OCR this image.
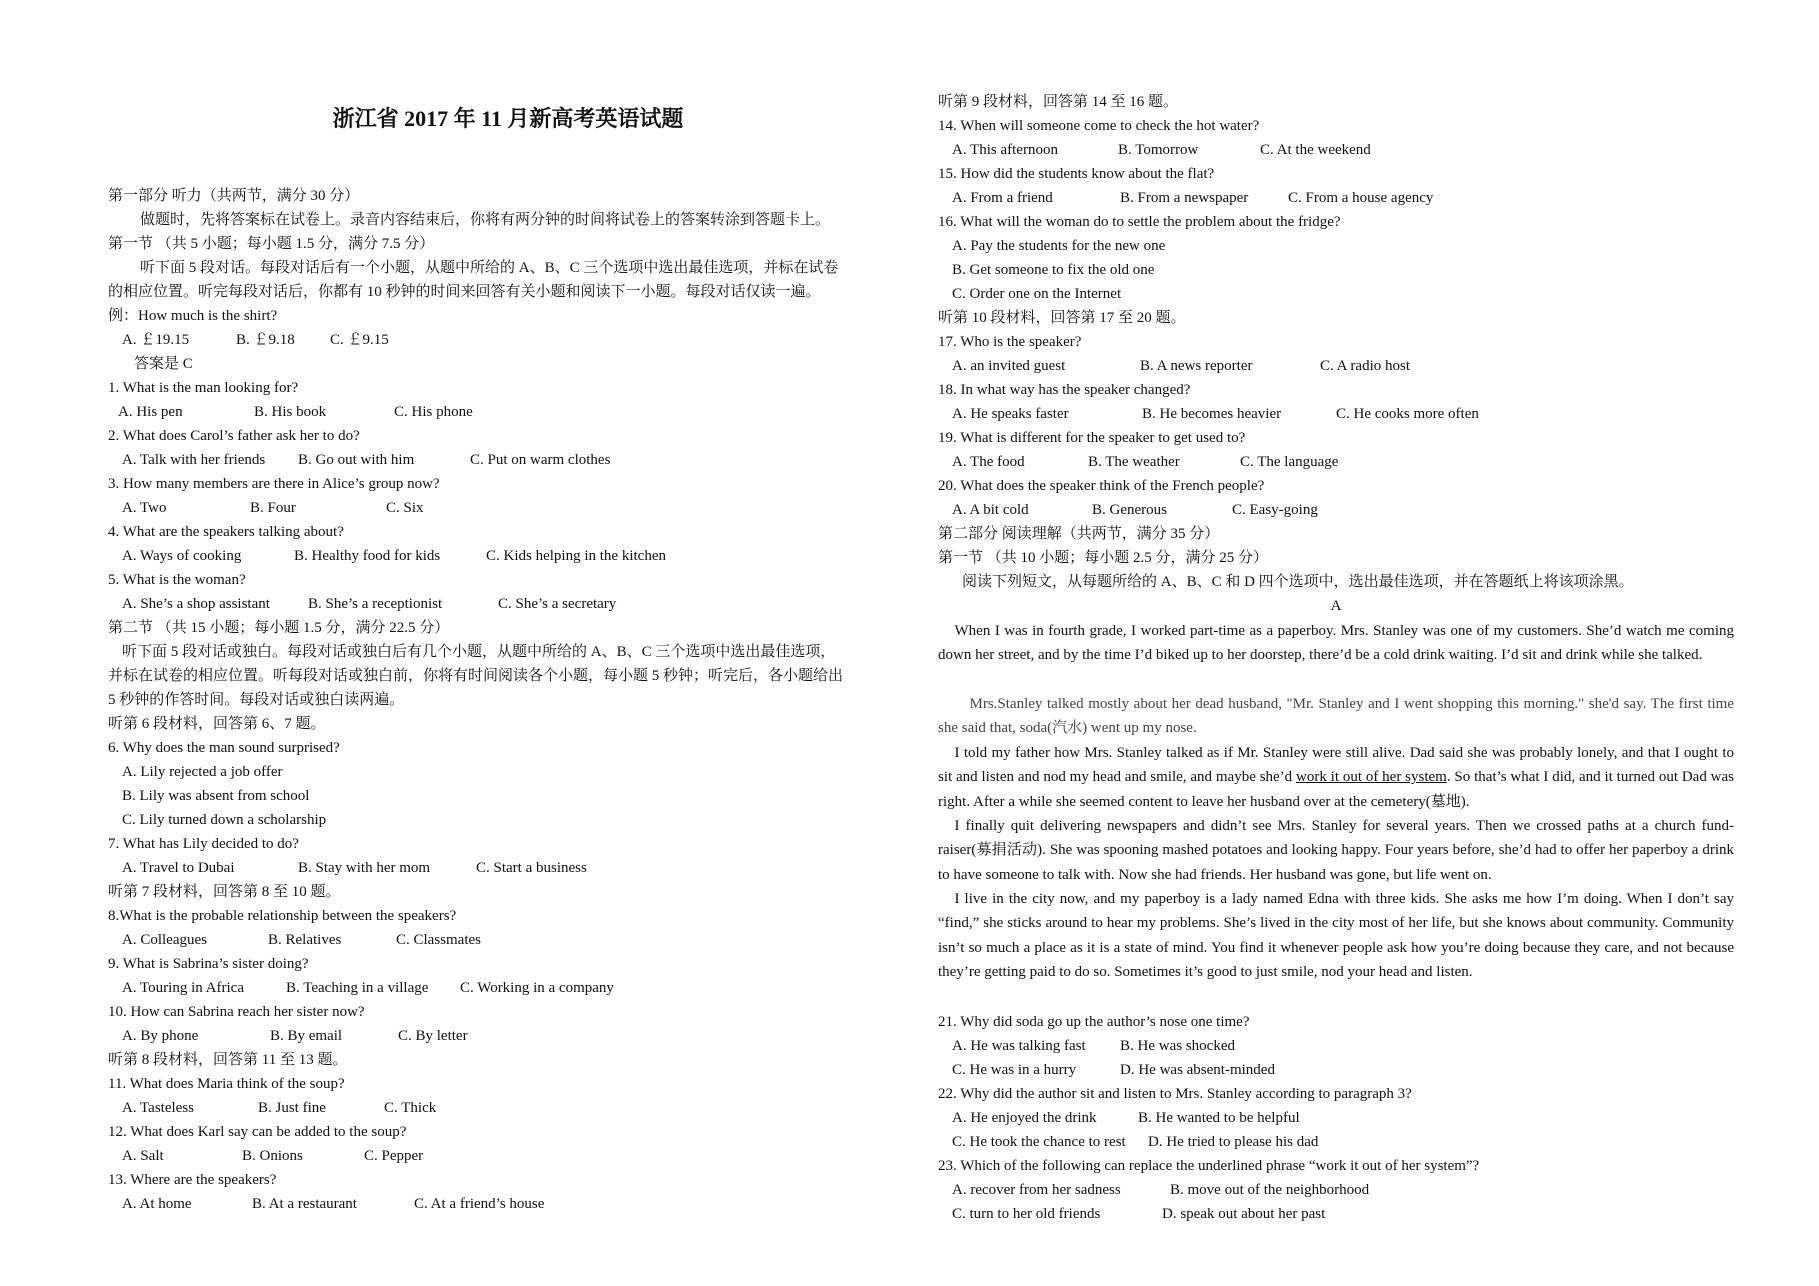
浙江省 2017 年 11 月新高考英语试题
第一部分 听力（共两节，满分 30 分）
做题时，先将答案标在试卷上。录音内容结束后，你将有两分钟的时间将试卷上的答案转涂到答题卡上。
第一节 （共 5 小题；每小题 1.5 分，满分 7.5 分）
听下面 5 段对话。每段对话后有一个小题，从题中所给的 A、B、C 三个选项中选出最佳选项，并标在试卷
的相应位置。听完每段对话后，你都有 10 秒钟的时间来回答有关小题和阅读下一小题。每段对话仅读一遍。
例：How much is the shirt?
A. ￡19.15	B. ￡9.18 C. ￡9.15
答案是 C
1. What is the man looking for?
A. His pen	B. His book	C. His phone
2. What does Carol’s father ask her to do?
A. Talk with her friends B. Go out with him	C. Put on warm clothes
3. How many members are there in Alice’s group now?
A. Two	B. Four	C. Six
4. What are the speakers talking about?
A. Ways of cooking	B. Healthy food for kids	C. Kids helping in the kitchen
5. What is the woman?
A. She’s a shop assistant	B. She’s a receptionist	C. She’s a secretary
第二节 （共 15 小题；每小题 1.5 分，满分 22.5 分）
听下面 5 段对话或独白。每段对话或独白后有几个小题，从题中所给的 A、B、C 三个选项中选出最佳选项，
并标在试卷的相应位置。听每段对话或独白前，你将有时间阅读各个小题，每小题 5 秒钟；听完后，各小题给出
5 秒钟的作答时间。每段对话或独白读两遍。
听第 6 段材料，回答第 6、7 题。
6. Why does the man sound surprised?
A. Lily rejected a job offer
B. Lily was absent from school
C. Lily turned down a scholarship
7. What has Lily decided to do?
A. Travel to Dubai	B. Stay with her mom	C. Start a business
听第 7 段材料，回答第 8 至 10 题。
8.What is the probable relationship between the speakers?
A. Colleagues	B. Relatives	C. Classmates
9. What is Sabrina’s sister doing?
A. Touring in Africa	B. Teaching in a village C. Working in a company
10. How can Sabrina reach her sister now?
A. By phone	B. By email	C. By letter
听第 8 段材料，回答第 11 至 13 题。
11. What does Maria think of the soup?
A. Tasteless	B. Just fine	C. Thick
12. What does Karl say can be added to the soup?
A. Salt	B. Onions	C. Pepper
13. Where are the speakers?
A. At home	B. At a restaurant	C. At a friend’s house
听第 9 段材料，回答第 14 至 16 题。
14. When will someone come to check the hot water?
A. This afternoon	B. Tomorrow	C. At the weekend
15. How did the students know about the flat?
A. From a friend	B. From a newspaper	C. From a house agency
16. What will the woman do to settle the problem about the fridge?
A. Pay the students for the new one
B. Get someone to fix the old one
C. Order one on the Internet
听第 10 段材料，回答第 17 至 20 题。
17. Who is the speaker?
A. an invited guest	B. A news reporter	C. A radio host
18. In what way has the speaker changed?
A. He speaks faster	B. He becomes heavier	C. He cooks more often
19. What is different for the speaker to get used to?
A. The food	B. The weather	C. The language
20. What does the speaker think of the French people?
A. A bit cold	B. Generous	C. Easy-going
第二部分 阅读理解（共两节，满分 35 分）
第一节 （共 10 小题；每小题 2.5 分，满分 25 分）
阅读下列短文，从每题所给的 A、B、C 和 D 四个选项中，选出最佳选项，并在答题纸上将该项涂黑。
A
When I was in fourth grade, I worked part-time as a paperboy. Mrs. Stanley was one of my customers. She’d watch me coming down her street, and by the time I’d biked up to her doorstep, there’d be a cold drink waiting. I’d sit and drink while she talked.
Mrs.Stanley talked mostly about her dead husband, "Mr. Stanley and I went shopping this morning." she'd say. The first time she said that, soda(汽水) went up my nose.
I told my father how Mrs. Stanley talked as if Mr. Stanley were still alive. Dad said she was probably lonely, and that I ought to sit and listen and nod my head and smile, and maybe she’d work it out of her system. So that’s what I did, and it turned out Dad was right. After a while she seemed content to leave her husband over at the cemetery(墓地).
I finally quit delivering newspapers and didn’t see Mrs. Stanley for several years. Then we crossed paths at a church fund-raiser(募捐活动). She was spooning mashed potatoes and looking happy. Four years before, she’d had to offer her paperboy a drink to have someone to talk with. Now she had friends. Her husband was gone, but life went on.
I live in the city now, and my paperboy is a lady named Edna with three kids. She asks me how I’m doing. When I don’t say “find,” she sticks around to hear my problems. She’s lived in the city most of her life, but she knows about community. Community isn’t so much a place as it is a state of mind. You find it whenever people ask how you’re doing because they care, and not because they’re getting paid to do so. Sometimes it’s good to just smile, nod your head and listen.
21. Why did soda go up the author’s nose one time?
A. He was talking fast B. He was shocked
C. He was in a hurry	D. He was absent-minded
22. Why did the author sit and listen to Mrs. Stanley according to paragraph 3?
A. He enjoyed the drink	B. He wanted to be helpful
C. He took the chance to rest D. He tried to please his dad
23. Which of the following can replace the underlined phrase “work it out of her system”?
A. recover from her sadness	B. move out of the neighborhood
C. turn to her old friends	D. speak out about her past
